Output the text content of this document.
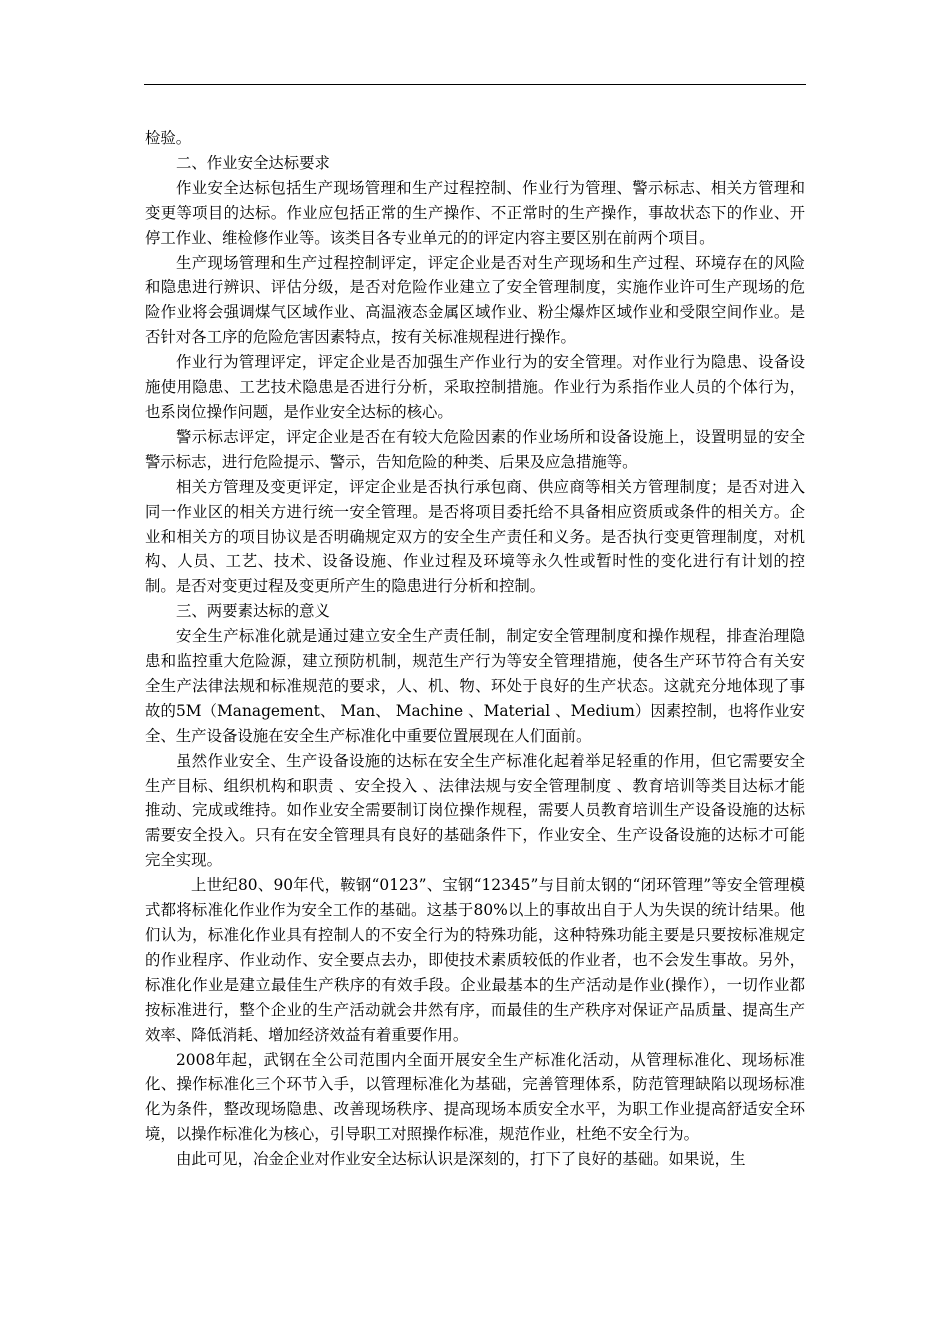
检验。

二、作业安全达标要求

作业安全达标包括生产现场管理和生产过程控制、作业行为管理、警示标志、相关方管理和变更等项目的达标。作业应包括正常的生产操作、不正常时的生产操作，事故状态下的作业、开停工作业、维检修作业等。该类目各专业单元的的评定内容主要区别在前两个项目。

生产现场管理和生产过程控制评定，评定企业是否对生产现场和生产过程、环境存在的风险和隐患进行辨识、评估分级，是否对危险作业建立了安全管理制度，实施作业许可生产现场的危险作业将会强调煤气区域作业、高温液态金属区域作业、粉尘爆炸区域作业和受限空间作业。是否针对各工序的危险危害因素特点，按有关标准规程进行操作。

作业行为管理评定，评定企业是否加强生产作业行为的安全管理。对作业行为隐患、设备设施使用隐患、工艺技术隐患是否进行分析，采取控制措施。作业行为系指作业人员的个体行为，也系岗位操作问题，是作业安全达标的核心。

警示标志评定，评定企业是否在有较大危险因素的作业场所和设备设施上，设置明显的安全警示标志，进行危险提示、警示，告知危险的种类、后果及应急措施等。

相关方管理及变更评定，评定企业是否执行承包商、供应商等相关方管理制度；是否对进入同一作业区的相关方进行统一安全管理。是否将项目委托给不具备相应资质或条件的相关方。企业和相关方的项目协议是否明确规定双方的安全生产责任和义务。是否执行变更管理制度，对机构、人员、工艺、技术、设备设施、作业过程及环境等永久性或暂时性的变化进行有计划的控制。是否对变更过程及变更所产生的隐患进行分析和控制。

三、两要素达标的意义

安全生产标准化就是通过建立安全生产责任制，制定安全管理制度和操作规程，排查治理隐患和监控重大危险源，建立预防机制，规范生产行为等安全管理措施，使各生产环节符合有关安全生产法律法规和标准规范的要求，人、机、物、环处于良好的生产状态。这就充分地体现了事故的5M（Management、 Man、 Machine 、Material 、Medium）因素控制，也将作业安全、生产设备设施在安全生产标准化中重要位置展现在人们面前。

虽然作业安全、生产设备设施的达标在安全生产标准化起着举足轻重的作用，但它需要安全生产目标、组织机构和职责 、安全投入 、法律法规与安全管理制度 、教育培训等类目达标才能推动、完成或维持。如作业安全需要制订岗位操作规程，需要人员教育培训生产设备设施的达标需要安全投入。只有在安全管理具有良好的基础条件下，作业安全、生产设备设施的达标才可能完全实现。

上世纪80、90年代，鞍钢“0123”、宝钢“12345”与目前太钢的“闭环管理”等安全管理模式都将标准化作业作为安全工作的基础。这基于80%以上的事故出自于人为失误的统计结果。他们认为，标准化作业具有控制人的不安全行为的特殊功能，这种特殊功能主要是只要按标准规定的作业程序、作业动作、安全要点去办，即使技术素质较低的作业者，也不会发生事故。另外，标准化作业是建立最佳生产秩序的有效手段。企业最基本的生产活动是作业(操作），一切作业都按标准进行，整个企业的生产活动就会井然有序，而最佳的生产秩序对保证产品质量、提高生产效率、降低消耗、增加经济效益有着重要作用。

2008年起，武钢在全公司范围内全面开展安全生产标准化活动，从管理标准化、现场标准化、操作标准化三个环节入手，以管理标准化为基础，完善管理体系，防范管理缺陷以现场标准化为条件，整改现场隐患、改善现场秩序、提高现场本质安全水平，为职工作业提高舒适安全环境，以操作标准化为核心，引导职工对照操作标准，规范作业，杜绝不安全行为。

由此可见，冶金企业对作业安全达标认识是深刻的，打下了良好的基础。如果说，生
